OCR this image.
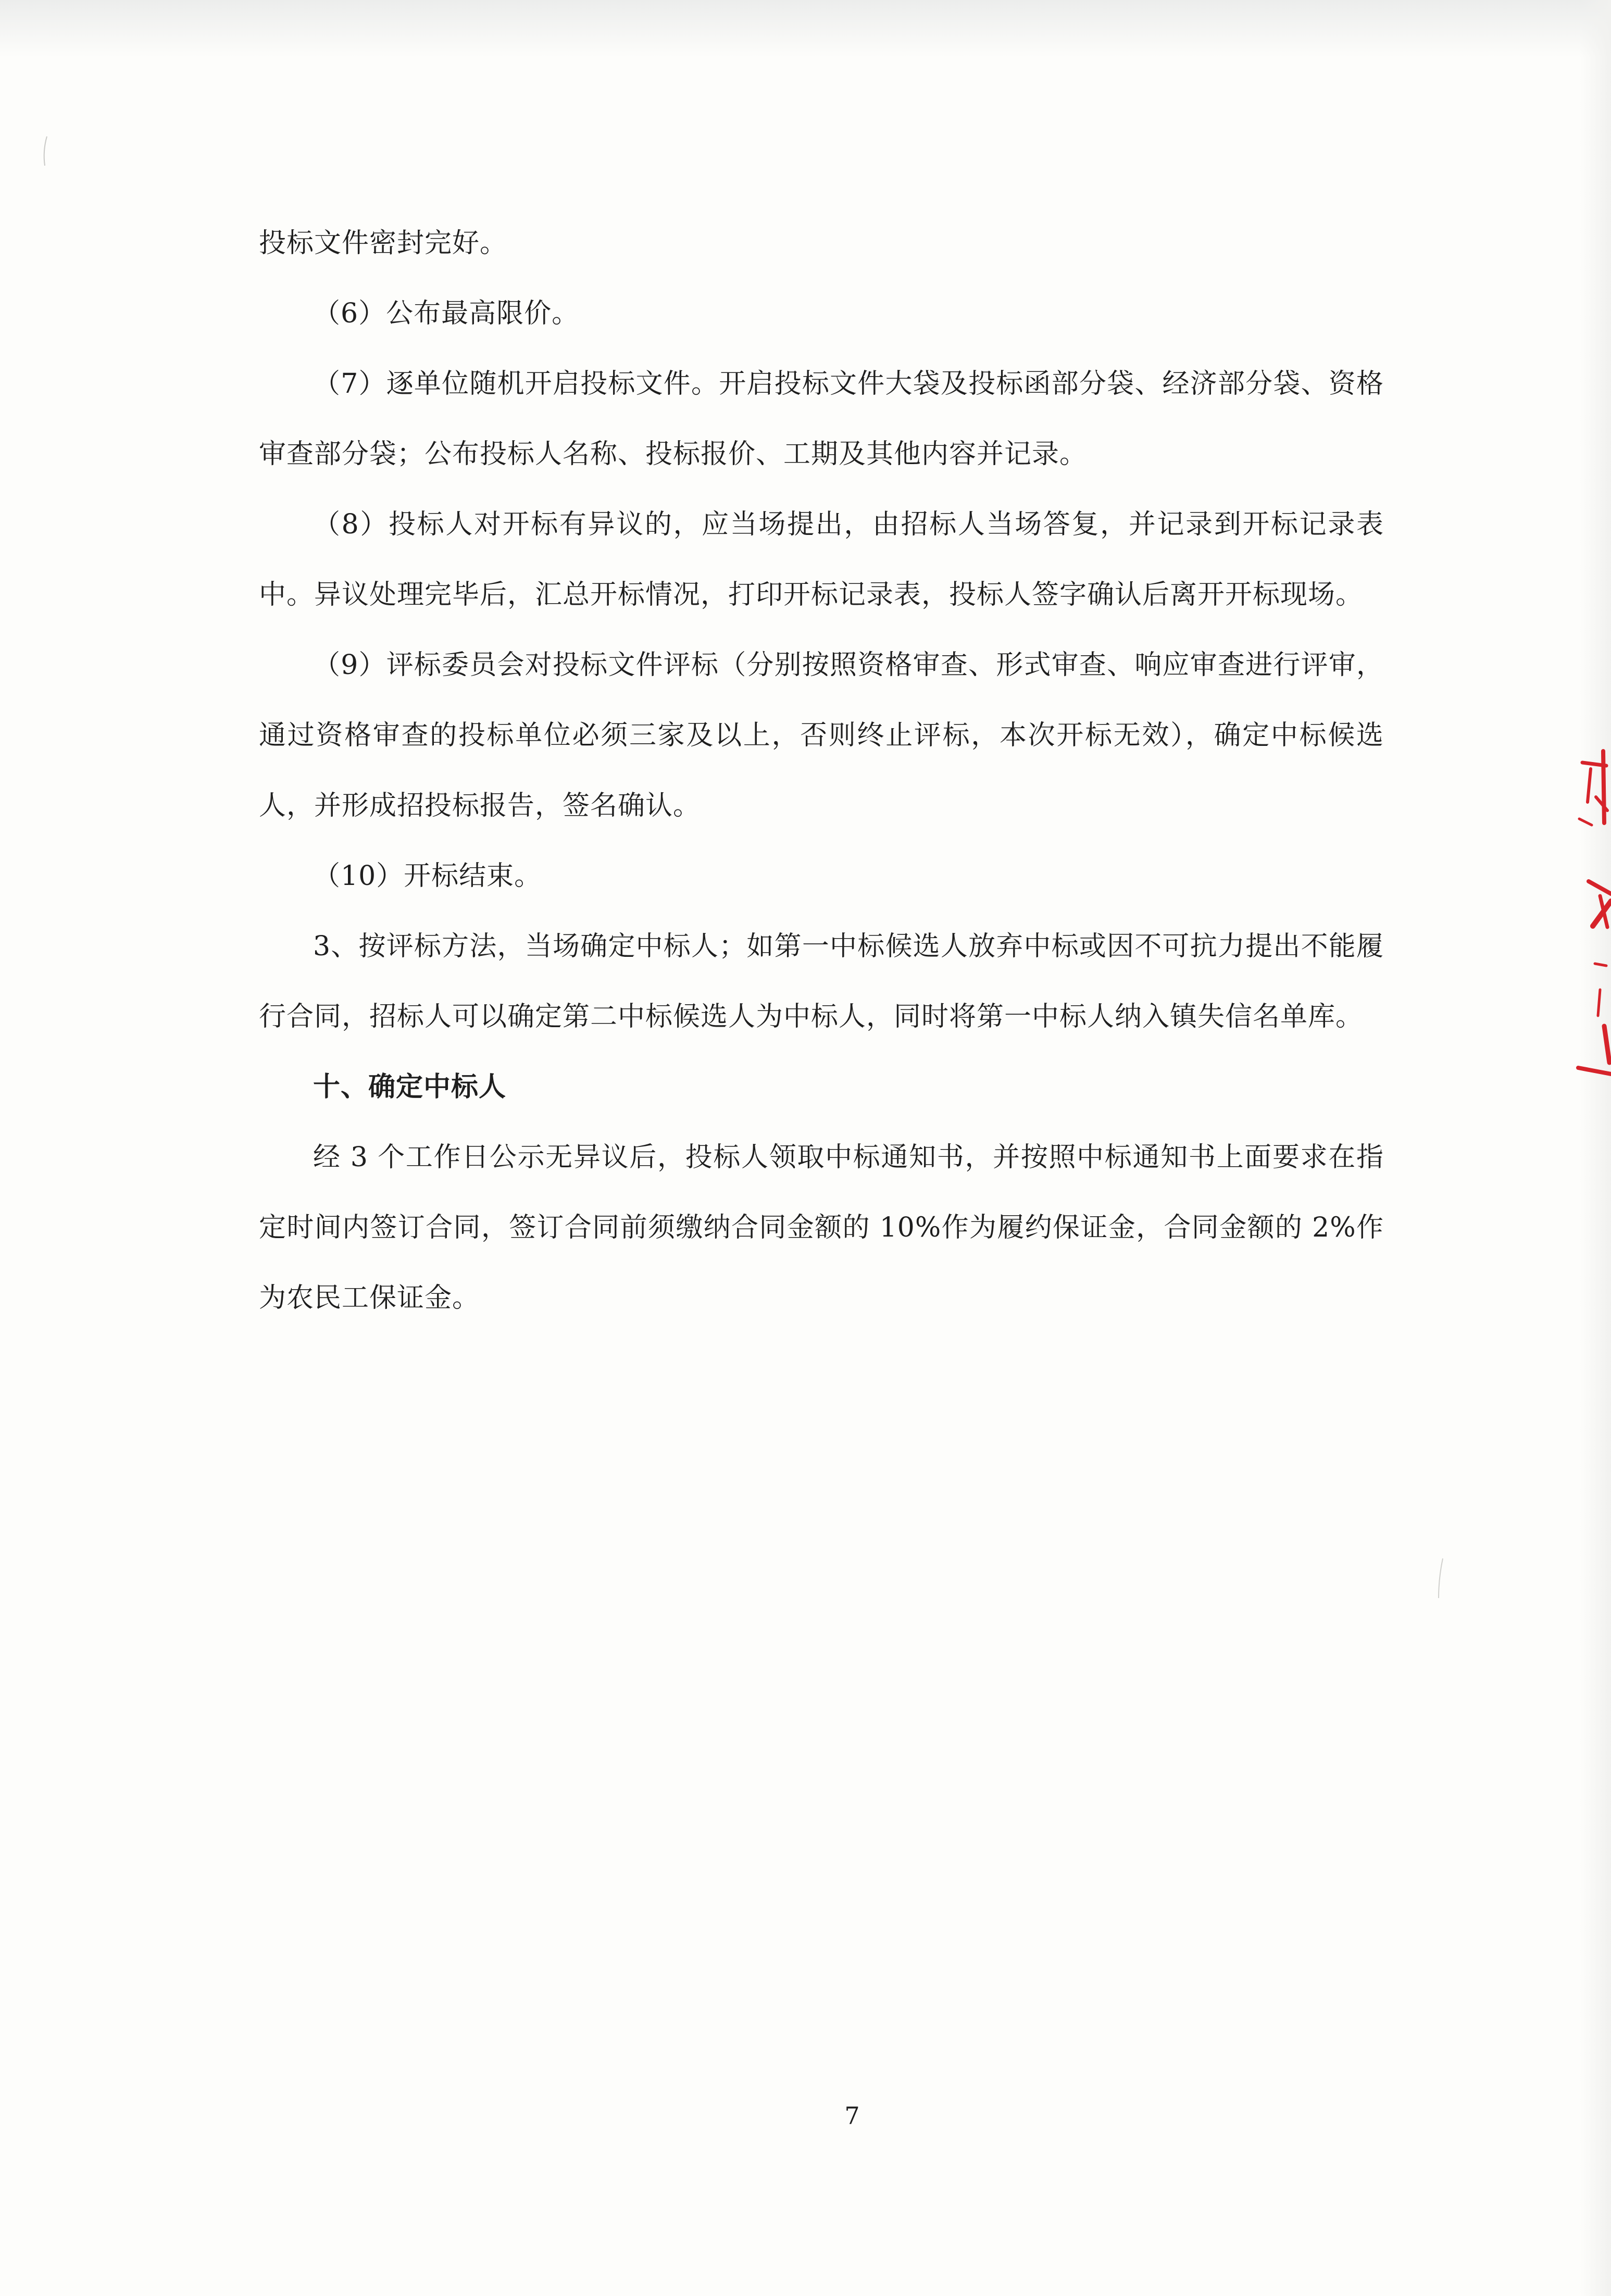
投标文件密封完好。

（6）公布最高限价。

（7）逐单位随机开启投标文件。开启投标文件大袋及投标函部分袋、经济部分袋、资格审查部分袋；公布投标人名称、投标报价、工期及其他内容并记录。

（8）投标人对开标有异议的，应当场提出，由招标人当场答复，并记录到开标记录表中。异议处理完毕后，汇总开标情况，打印开标记录表，投标人签字确认后离开开标现场。

（9）评标委员会对投标文件评标（分别按照资格审查、形式审查、响应审查进行评审，通过资格审查的投标单位必须三家及以上，否则终止评标，本次开标无效），确定中标候选人，并形成招投标报告，签名确认。

（10）开标结束。

3、按评标方法，当场确定中标人；如第一中标候选人放弃中标或因不可抗力提出不能履行合同，招标人可以确定第二中标候选人为中标人，同时将第一中标人纳入镇失信名单库。

十、确定中标人

经 3 个工作日公示无异议后，投标人领取中标通知书，并按照中标通知书上面要求在指定时间内签订合同，签订合同前须缴纳合同金额的 10%作为履约保证金，合同金额的 2%作为农民工保证金。

7
